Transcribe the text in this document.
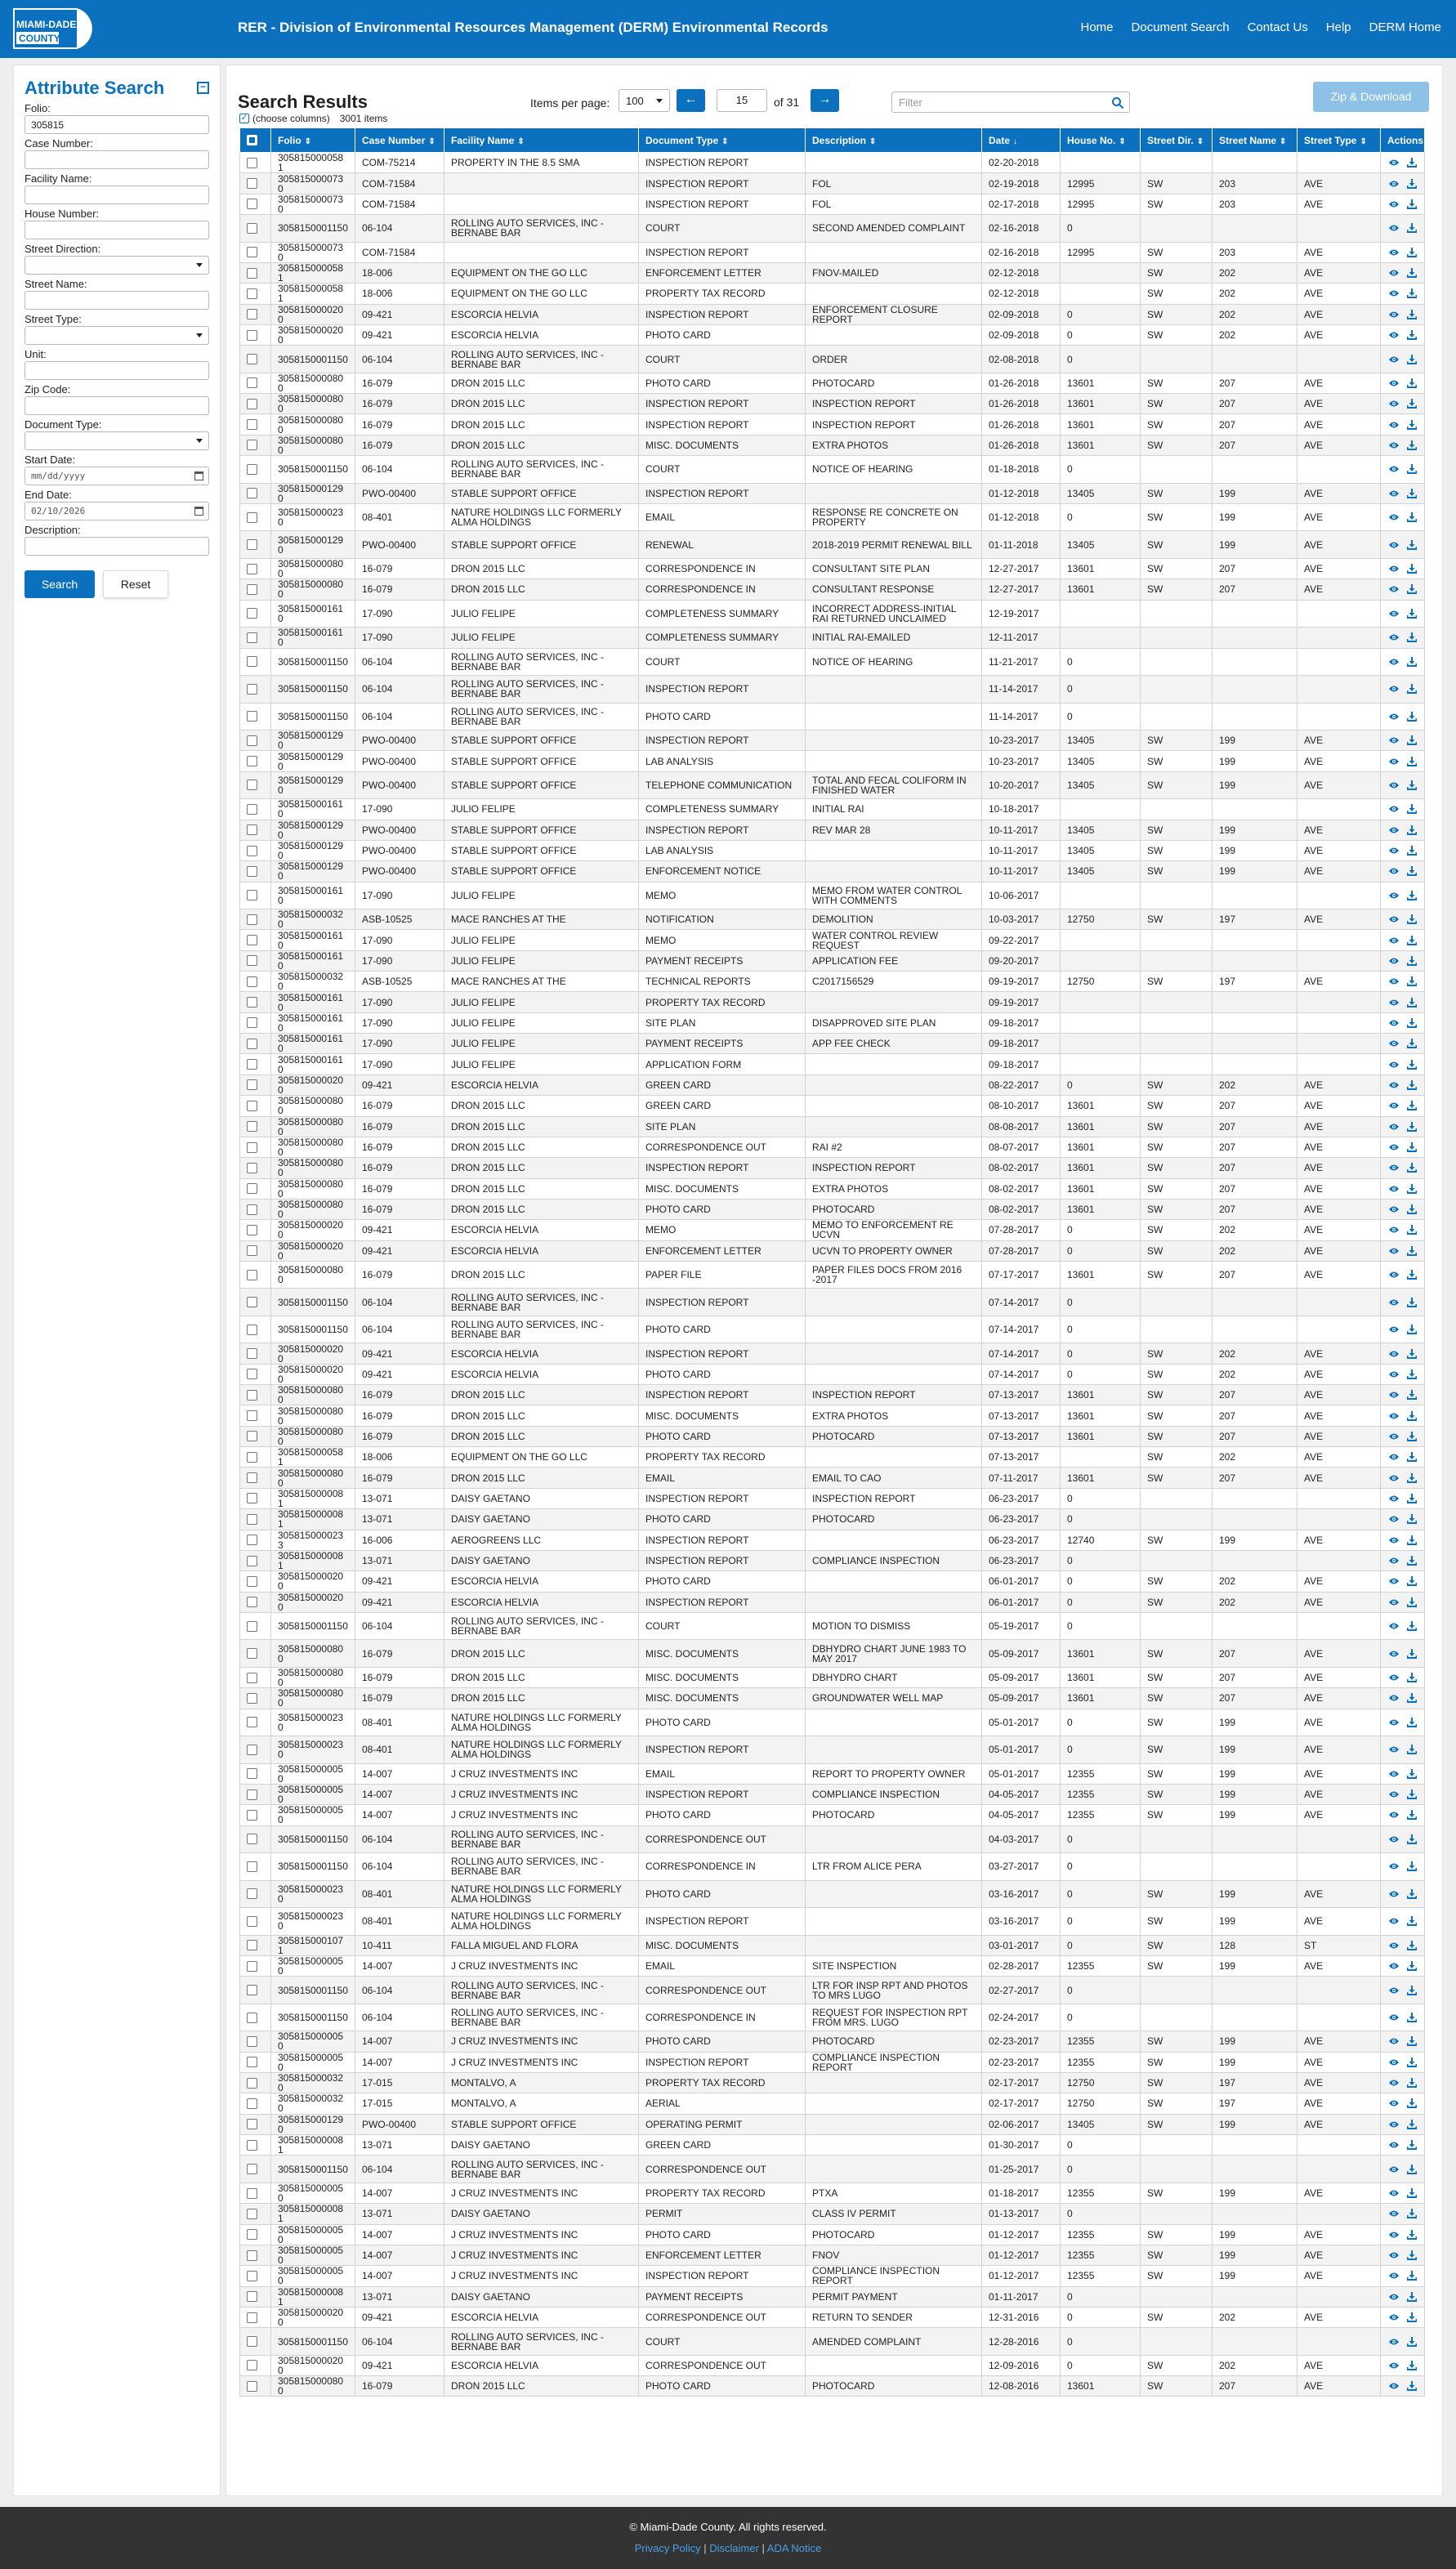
MIAMI-DADE
COUNTY
RER - Division of Environmental Resources Management (DERM) Environmental Records	Home Document Search Contact Us Help DERM Home
Attribute Search	−
Folio:
305815
Case Number:
Facility Name:
House Number:
Street Direction:
Street Name:
Street Type:
Unit:
Zip Code:
Document Type:
Start Date:
mm/dd/yyyy
End Date:
02/10/2026
Description:
Search	Reset
Search Results	Items per page:	100	←	15	of 31	→	Filter	Zip & Download
✓ (choose columns) 3001 items
	Folio ⇕	Case Number ⇕	Facility Name ⇕	Document Type ⇕	Description ⇕	Date ↓	House No. ⇕	Street Dir. ⇕	Street Name ⇕	Street Type ⇕	Actions

	3058150000581	COM-75214	PROPERTY IN THE 8.5 SMA	INSPECTION REPORT		02-20-2018					

	3058150000730	COM-71584		INSPECTION REPORT	FOL	02-19-2018	12995	SW	203	AVE	

	3058150000730	COM-71584		INSPECTION REPORT	FOL	02-17-2018	12995	SW	203	AVE	

	3058150001150	06-104	ROLLING AUTO SERVICES, INC - BERNABE BAR	COURT	SECOND AMENDED COMPLAINT	02-16-2018	0				

	3058150000730	COM-71584		INSPECTION REPORT		02-16-2018	12995	SW	203	AVE	

	3058150000581	18-006	EQUIPMENT ON THE GO LLC	ENFORCEMENT LETTER	FNOV-MAILED	02-12-2018		SW	202	AVE	

	3058150000581	18-006	EQUIPMENT ON THE GO LLC	PROPERTY TAX RECORD		02-12-2018		SW	202	AVE	

	3058150000200	09-421	ESCORCIA HELVIA	INSPECTION REPORT	ENFORCEMENT CLOSURE REPORT	02-09-2018	0	SW	202	AVE	

	3058150000200	09-421	ESCORCIA HELVIA	PHOTO CARD		02-09-2018	0	SW	202	AVE	

	3058150001150	06-104	ROLLING AUTO SERVICES, INC - BERNABE BAR	COURT	ORDER	02-08-2018	0				

	3058150000800	16-079	DRON 2015 LLC	PHOTO CARD	PHOTOCARD	01-26-2018	13601	SW	207	AVE	

	3058150000800	16-079	DRON 2015 LLC	INSPECTION REPORT	INSPECTION REPORT	01-26-2018	13601	SW	207	AVE	

	3058150000800	16-079	DRON 2015 LLC	INSPECTION REPORT	INSPECTION REPORT	01-26-2018	13601	SW	207	AVE	

	3058150000800	16-079	DRON 2015 LLC	MISC. DOCUMENTS	EXTRA PHOTOS	01-26-2018	13601	SW	207	AVE	

	3058150001150	06-104	ROLLING AUTO SERVICES, INC - BERNABE BAR	COURT	NOTICE OF HEARING	01-18-2018	0				

	3058150001290	PWO-00400	STABLE SUPPORT OFFICE	INSPECTION REPORT		01-12-2018	13405	SW	199	AVE	

	3058150000230	08-401	NATURE HOLDINGS LLC FORMERLY ALMA HOLDINGS	EMAIL	RESPONSE RE CONCRETE ON PROPERTY	01-12-2018	0	SW	199	AVE	

	3058150001290	PWO-00400	STABLE SUPPORT OFFICE	RENEWAL	2018-2019 PERMIT RENEWAL BILL	01-11-2018	13405	SW	199	AVE	

	3058150000800	16-079	DRON 2015 LLC	CORRESPONDENCE IN	CONSULTANT SITE PLAN	12-27-2017	13601	SW	207	AVE	

	3058150000800	16-079	DRON 2015 LLC	CORRESPONDENCE IN	CONSULTANT RESPONSE	12-27-2017	13601	SW	207	AVE	

	3058150001610	17-090	JULIO FELIPE	COMPLETENESS SUMMARY	INCORRECT ADDRESS-INITIAL RAI RETURNED UNCLAIMED	12-19-2017					

	3058150001610	17-090	JULIO FELIPE	COMPLETENESS SUMMARY	INITIAL RAI-EMAILED	12-11-2017					

	3058150001150	06-104	ROLLING AUTO SERVICES, INC - BERNABE BAR	COURT	NOTICE OF HEARING	11-21-2017	0				

	3058150001150	06-104	ROLLING AUTO SERVICES, INC - BERNABE BAR	INSPECTION REPORT		11-14-2017	0				

	3058150001150	06-104	ROLLING AUTO SERVICES, INC - BERNABE BAR	PHOTO CARD		11-14-2017	0				

	3058150001290	PWO-00400	STABLE SUPPORT OFFICE	INSPECTION REPORT		10-23-2017	13405	SW	199	AVE	

	3058150001290	PWO-00400	STABLE SUPPORT OFFICE	LAB ANALYSIS		10-23-2017	13405	SW	199	AVE	

	3058150001290	PWO-00400	STABLE SUPPORT OFFICE	TELEPHONE COMMUNICATION	TOTAL AND FECAL COLIFORM IN FINISHED WATER	10-20-2017	13405	SW	199	AVE	

	3058150001610	17-090	JULIO FELIPE	COMPLETENESS SUMMARY	INITIAL RAI	10-18-2017					

	3058150001290	PWO-00400	STABLE SUPPORT OFFICE	INSPECTION REPORT	REV MAR 28	10-11-2017	13405	SW	199	AVE	

	3058150001290	PWO-00400	STABLE SUPPORT OFFICE	LAB ANALYSIS		10-11-2017	13405	SW	199	AVE	

	3058150001290	PWO-00400	STABLE SUPPORT OFFICE	ENFORCEMENT NOTICE		10-11-2017	13405	SW	199	AVE	

	3058150001610	17-090	JULIO FELIPE	MEMO	MEMO FROM WATER CONTROL WITH COMMENTS	10-06-2017					

	3058150000320	ASB-10525	MACE RANCHES AT THE	NOTIFICATION	DEMOLITION	10-03-2017	12750	SW	197	AVE	

	3058150001610	17-090	JULIO FELIPE	MEMO	WATER CONTROL REVIEW REQUEST	09-22-2017					

	3058150001610	17-090	JULIO FELIPE	PAYMENT RECEIPTS	APPLICATION FEE	09-20-2017					

	3058150000320	ASB-10525	MACE RANCHES AT THE	TECHNICAL REPORTS	C2017156529	09-19-2017	12750	SW	197	AVE	

	3058150001610	17-090	JULIO FELIPE	PROPERTY TAX RECORD		09-19-2017					

	3058150001610	17-090	JULIO FELIPE	SITE PLAN	DISAPPROVED SITE PLAN	09-18-2017					

	3058150001610	17-090	JULIO FELIPE	PAYMENT RECEIPTS	APP FEE CHECK	09-18-2017					

	3058150001610	17-090	JULIO FELIPE	APPLICATION FORM		09-18-2017					

	3058150000200	09-421	ESCORCIA HELVIA	GREEN CARD		08-22-2017	0	SW	202	AVE	

	3058150000800	16-079	DRON 2015 LLC	GREEN CARD		08-10-2017	13601	SW	207	AVE	

	3058150000800	16-079	DRON 2015 LLC	SITE PLAN		08-08-2017	13601	SW	207	AVE	

	3058150000800	16-079	DRON 2015 LLC	CORRESPONDENCE OUT	RAI #2	08-07-2017	13601	SW	207	AVE	

	3058150000800	16-079	DRON 2015 LLC	INSPECTION REPORT	INSPECTION REPORT	08-02-2017	13601	SW	207	AVE	

	3058150000800	16-079	DRON 2015 LLC	MISC. DOCUMENTS	EXTRA PHOTOS	08-02-2017	13601	SW	207	AVE	

	3058150000800	16-079	DRON 2015 LLC	PHOTO CARD	PHOTOCARD	08-02-2017	13601	SW	207	AVE	

	3058150000200	09-421	ESCORCIA HELVIA	MEMO	MEMO TO ENFORCEMENT RE UCVN	07-28-2017	0	SW	202	AVE	

	3058150000200	09-421	ESCORCIA HELVIA	ENFORCEMENT LETTER	UCVN TO PROPERTY OWNER	07-28-2017	0	SW	202	AVE	

	3058150000800	16-079	DRON 2015 LLC	PAPER FILE	PAPER FILES DOCS FROM 2016 -2017	07-17-2017	13601	SW	207	AVE	

	3058150001150	06-104	ROLLING AUTO SERVICES, INC - BERNABE BAR	INSPECTION REPORT		07-14-2017	0				

	3058150001150	06-104	ROLLING AUTO SERVICES, INC - BERNABE BAR	PHOTO CARD		07-14-2017	0				

	3058150000200	09-421	ESCORCIA HELVIA	INSPECTION REPORT		07-14-2017	0	SW	202	AVE	

	3058150000200	09-421	ESCORCIA HELVIA	PHOTO CARD		07-14-2017	0	SW	202	AVE	

	3058150000800	16-079	DRON 2015 LLC	INSPECTION REPORT	INSPECTION REPORT	07-13-2017	13601	SW	207	AVE	

	3058150000800	16-079	DRON 2015 LLC	MISC. DOCUMENTS	EXTRA PHOTOS	07-13-2017	13601	SW	207	AVE	

	3058150000800	16-079	DRON 2015 LLC	PHOTO CARD	PHOTOCARD	07-13-2017	13601	SW	207	AVE	

	3058150000581	18-006	EQUIPMENT ON THE GO LLC	PROPERTY TAX RECORD		07-13-2017		SW	202	AVE	

	3058150000800	16-079	DRON 2015 LLC	EMAIL	EMAIL TO CAO	07-11-2017	13601	SW	207	AVE	

	3058150000081	13-071	DAISY GAETANO	INSPECTION REPORT	INSPECTION REPORT	06-23-2017	0				

	3058150000081	13-071	DAISY GAETANO	PHOTO CARD	PHOTOCARD	06-23-2017	0				

	3058150000233	16-006	AEROGREENS LLC	INSPECTION REPORT		06-23-2017	12740	SW	199	AVE	

	3058150000081	13-071	DAISY GAETANO	INSPECTION REPORT	COMPLIANCE INSPECTION	06-23-2017	0				

	3058150000200	09-421	ESCORCIA HELVIA	PHOTO CARD		06-01-2017	0	SW	202	AVE	

	3058150000200	09-421	ESCORCIA HELVIA	INSPECTION REPORT		06-01-2017	0	SW	202	AVE	

	3058150001150	06-104	ROLLING AUTO SERVICES, INC - BERNABE BAR	COURT	MOTION TO DISMISS	05-19-2017	0				

	3058150000800	16-079	DRON 2015 LLC	MISC. DOCUMENTS	DBHYDRO CHART JUNE 1983 TO MAY 2017	05-09-2017	13601	SW	207	AVE	

	3058150000800	16-079	DRON 2015 LLC	MISC. DOCUMENTS	DBHYDRO CHART	05-09-2017	13601	SW	207	AVE	

	3058150000800	16-079	DRON 2015 LLC	MISC. DOCUMENTS	GROUNDWATER WELL MAP	05-09-2017	13601	SW	207	AVE	

	3058150000230	08-401	NATURE HOLDINGS LLC FORMERLY ALMA HOLDINGS	PHOTO CARD		05-01-2017	0	SW	199	AVE	

	3058150000230	08-401	NATURE HOLDINGS LLC FORMERLY ALMA HOLDINGS	INSPECTION REPORT		05-01-2017	0	SW	199	AVE	

	3058150000050	14-007	J CRUZ INVESTMENTS INC	EMAIL	REPORT TO PROPERTY OWNER	05-01-2017	12355	SW	199	AVE	

	3058150000050	14-007	J CRUZ INVESTMENTS INC	INSPECTION REPORT	COMPLIANCE INSPECTION	04-05-2017	12355	SW	199	AVE	

	3058150000050	14-007	J CRUZ INVESTMENTS INC	PHOTO CARD	PHOTOCARD	04-05-2017	12355	SW	199	AVE	

	3058150001150	06-104	ROLLING AUTO SERVICES, INC - BERNABE BAR	CORRESPONDENCE OUT		04-03-2017	0				

	3058150001150	06-104	ROLLING AUTO SERVICES, INC - BERNABE BAR	CORRESPONDENCE IN	LTR FROM ALICE PERA	03-27-2017	0				

	3058150000230	08-401	NATURE HOLDINGS LLC FORMERLY ALMA HOLDINGS	PHOTO CARD		03-16-2017	0	SW	199	AVE	

	3058150000230	08-401	NATURE HOLDINGS LLC FORMERLY ALMA HOLDINGS	INSPECTION REPORT		03-16-2017	0	SW	199	AVE	

	3058150001071	10-411	FALLA MIGUEL AND FLORA	MISC. DOCUMENTS		03-01-2017	0	SW	128	ST	

	3058150000050	14-007	J CRUZ INVESTMENTS INC	EMAIL	SITE INSPECTION	02-28-2017	12355	SW	199	AVE	

	3058150001150	06-104	ROLLING AUTO SERVICES, INC - BERNABE BAR	CORRESPONDENCE OUT	LTR FOR INSP RPT AND PHOTOS TO MRS LUGO	02-27-2017	0				

	3058150001150	06-104	ROLLING AUTO SERVICES, INC - BERNABE BAR	CORRESPONDENCE IN	REQUEST FOR INSPECTION RPT FROM MRS. LUGO	02-24-2017	0				

	3058150000050	14-007	J CRUZ INVESTMENTS INC	PHOTO CARD	PHOTOCARD	02-23-2017	12355	SW	199	AVE	

	3058150000050	14-007	J CRUZ INVESTMENTS INC	INSPECTION REPORT	COMPLIANCE INSPECTION REPORT	02-23-2017	12355	SW	199	AVE	

	3058150000320	17-015	MONTALVO, A	PROPERTY TAX RECORD		02-17-2017	12750	SW	197	AVE	

	3058150000320	17-015	MONTALVO, A	AERIAL		02-17-2017	12750	SW	197	AVE	

	3058150001290	PWO-00400	STABLE SUPPORT OFFICE	OPERATING PERMIT		02-06-2017	13405	SW	199	AVE	

	3058150000081	13-071	DAISY GAETANO	GREEN CARD		01-30-2017	0				

	3058150001150	06-104	ROLLING AUTO SERVICES, INC - BERNABE BAR	CORRESPONDENCE OUT		01-25-2017	0				

	3058150000050	14-007	J CRUZ INVESTMENTS INC	PROPERTY TAX RECORD	PTXA	01-18-2017	12355	SW	199	AVE	

	3058150000081	13-071	DAISY GAETANO	PERMIT	CLASS IV PERMIT	01-13-2017	0				

	3058150000050	14-007	J CRUZ INVESTMENTS INC	PHOTO CARD	PHOTOCARD	01-12-2017	12355	SW	199	AVE	

	3058150000050	14-007	J CRUZ INVESTMENTS INC	ENFORCEMENT LETTER	FNOV	01-12-2017	12355	SW	199	AVE	

	3058150000050	14-007	J CRUZ INVESTMENTS INC	INSPECTION REPORT	COMPLIANCE INSPECTION REPORT	01-12-2017	12355	SW	199	AVE	

	3058150000081	13-071	DAISY GAETANO	PAYMENT RECEIPTS	PERMIT PAYMENT	01-11-2017	0				

	3058150000200	09-421	ESCORCIA HELVIA	CORRESPONDENCE OUT	RETURN TO SENDER	12-31-2016	0	SW	202	AVE	

	3058150001150	06-104	ROLLING AUTO SERVICES, INC - BERNABE BAR	COURT	AMENDED COMPLAINT	12-28-2016	0				

	3058150000200	09-421	ESCORCIA HELVIA	CORRESPONDENCE OUT		12-09-2016	0	SW	202	AVE	

	3058150000800	16-079	DRON 2015 LLC	PHOTO CARD	PHOTOCARD	12-08-2016	13601	SW	207	AVE	
© Miami-Dade County. All rights reserved.
Privacy Policy | Disclaimer | ADA Notice
